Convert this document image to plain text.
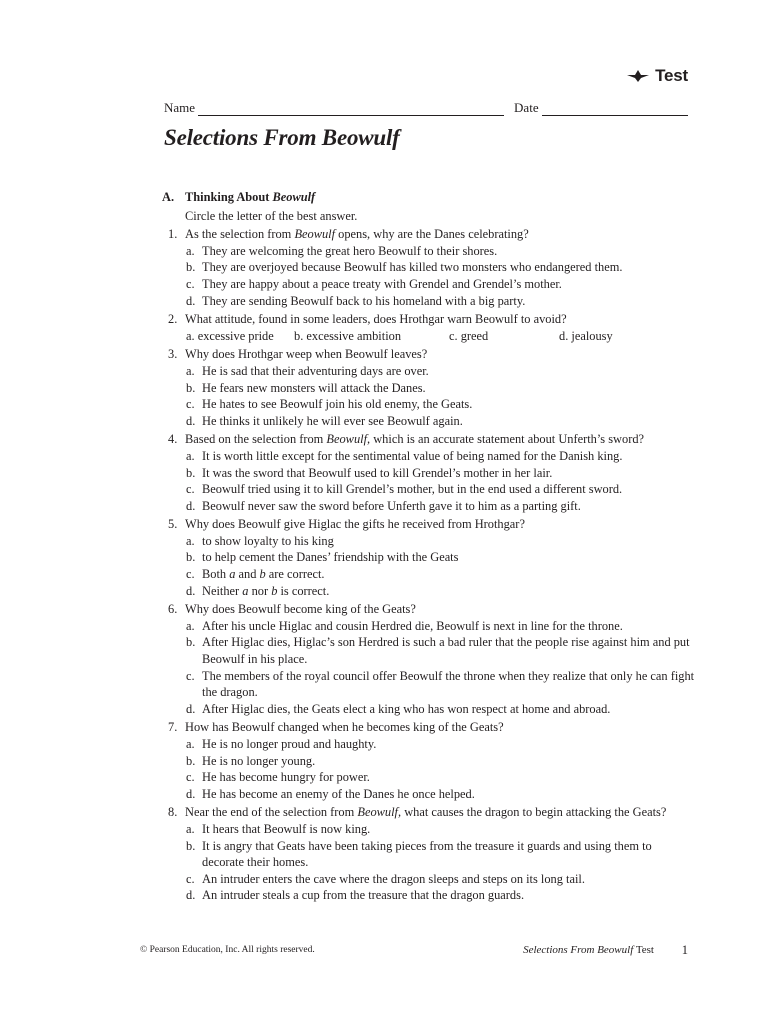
Test
Name	Date
Selections From Beowulf
A. Thinking About Beowulf
Circle the letter of the best answer.
1. As the selection from Beowulf opens, why are the Danes celebrating?
a. They are welcoming the great hero Beowulf to their shores.
b. They are overjoyed because Beowulf has killed two monsters who endangered them.
c. They are happy about a peace treaty with Grendel and Grendel’s mother.
d. They are sending Beowulf back to his homeland with a big party.
2. What attitude, found in some leaders, does Hrothgar warn Beowulf to avoid?
a. excessive pride	b. excessive ambition	c. greed	d. jealousy
3. Why does Hrothgar weep when Beowulf leaves?
a. He is sad that their adventuring days are over.
b. He fears new monsters will attack the Danes.
c. He hates to see Beowulf join his old enemy, the Geats.
d. He thinks it unlikely he will ever see Beowulf again.
4. Based on the selection from Beowulf, which is an accurate statement about Unferth’s sword?
a. It is worth little except for the sentimental value of being named for the Danish king.
b. It was the sword that Beowulf used to kill Grendel’s mother in her lair.
c. Beowulf tried using it to kill Grendel’s mother, but in the end used a different sword.
d. Beowulf never saw the sword before Unferth gave it to him as a parting gift.
5. Why does Beowulf give Higlac the gifts he received from Hrothgar?
a. to show loyalty to his king
b. to help cement the Danes’ friendship with the Geats
c. Both a and b are correct.
d. Neither a nor b is correct.
6. Why does Beowulf become king of the Geats?
a. After his uncle Higlac and cousin Herdred die, Beowulf is next in line for the throne.
b. After Higlac dies, Higlac’s son Herdred is such a bad ruler that the people rise against him and put Beowulf in his place.
c. The members of the royal council offer Beowulf the throne when they realize that only he can fight the dragon.
d. After Higlac dies, the Geats elect a king who has won respect at home and abroad.
7. How has Beowulf changed when he becomes king of the Geats?
a. He is no longer proud and haughty.
b. He is no longer young.
c. He has become hungry for power.
d. He has become an enemy of the Danes he once helped.
8. Near the end of the selection from Beowulf, what causes the dragon to begin attacking the Geats?
a. It hears that Beowulf is now king.
b. It is angry that Geats have been taking pieces from the treasure it guards and using them to decorate their homes.
c. An intruder enters the cave where the dragon sleeps and steps on its long tail.
d. An intruder steals a cup from the treasure that the dragon guards.
© Pearson Education, Inc. All rights reserved.	Selections From Beowulf Test 1
